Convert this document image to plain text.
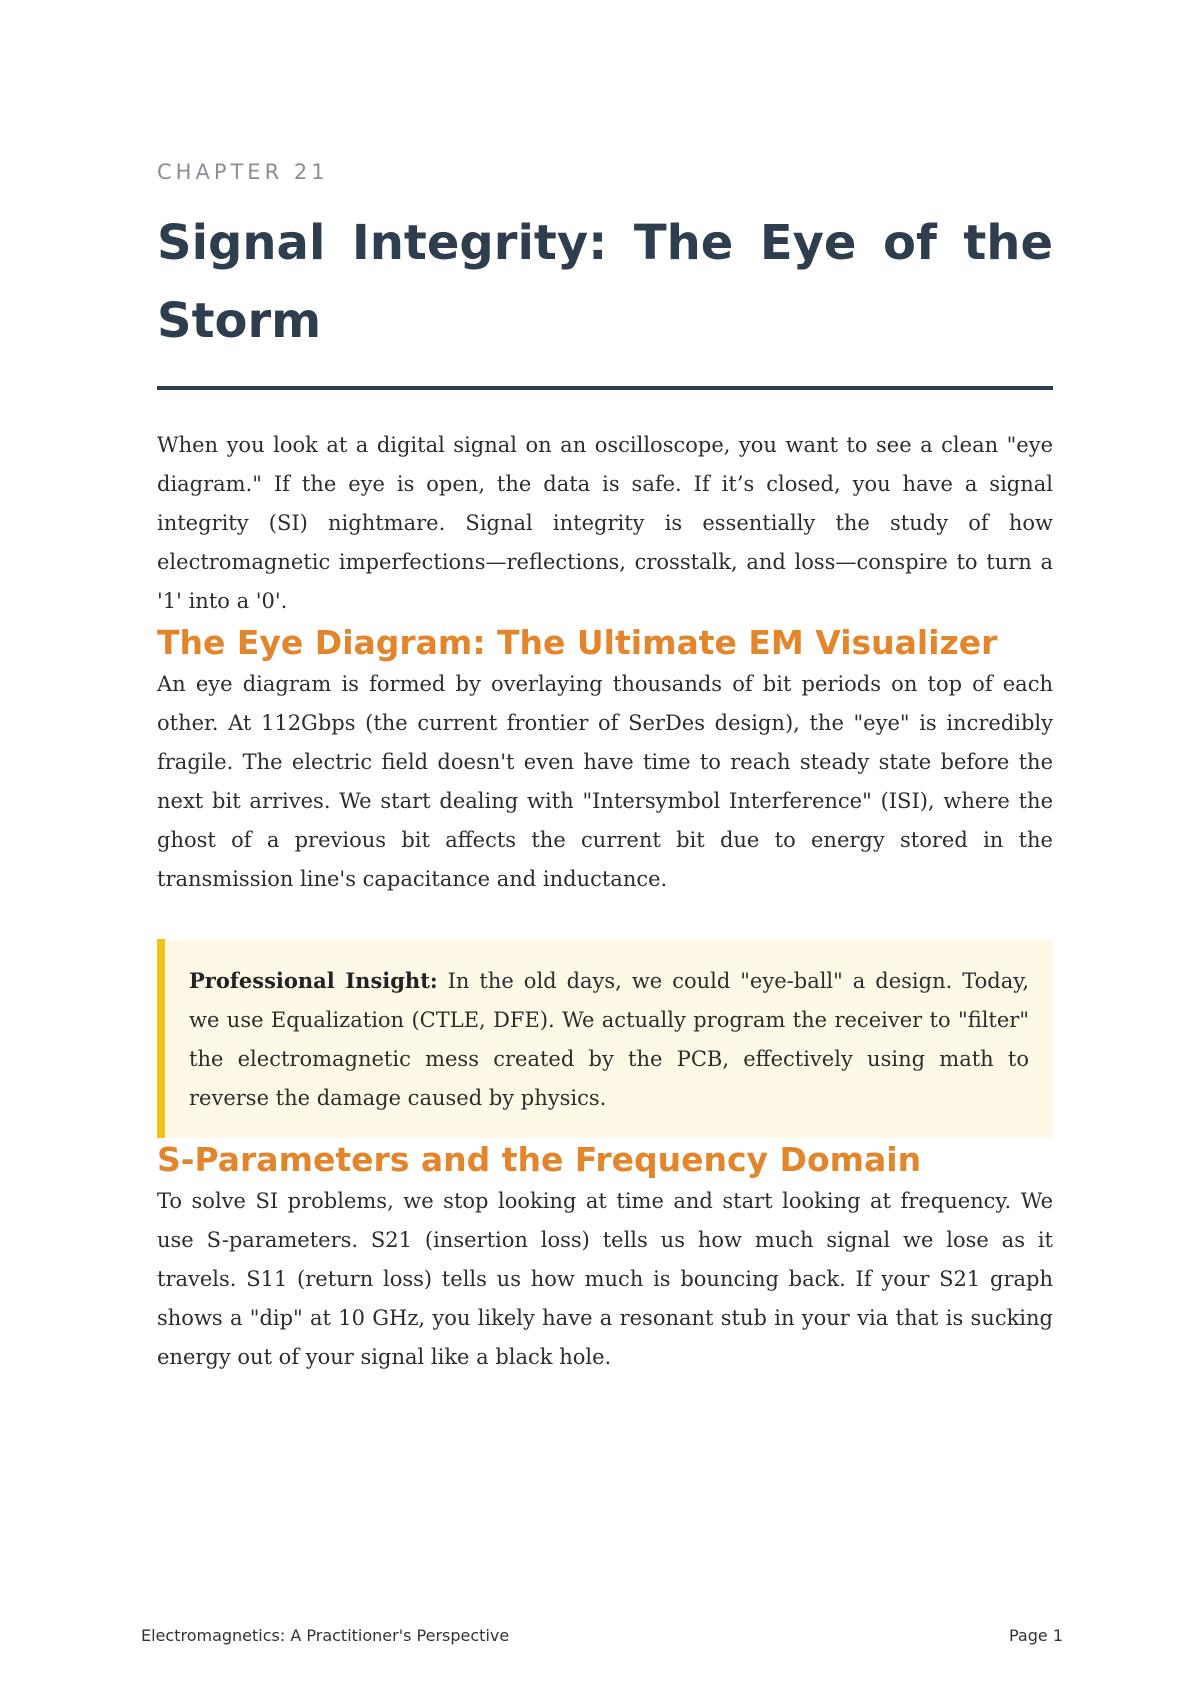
CHAPTER 21
Signal Integrity: The Eye of the Storm

When you look at a digital signal on an oscilloscope, you want to see a clean "eye diagram." If the eye is open, the data is safe. If it’s closed, you have a signal integrity (SI) nightmare. Signal integrity is essentially the study of how electromagnetic imperfections—reflections, crosstalk, and loss—conspire to turn a '1' into a '0'.

The Eye Diagram: The Ultimate EM Visualizer

An eye diagram is formed by overlaying thousands of bit periods on top of each other. At 112Gbps (the current frontier of SerDes design), the "eye" is incredibly fragile. The electric field doesn't even have time to reach steady state before the next bit arrives. We start dealing with "Intersymbol Interference" (ISI), where the ghost of a previous bit affects the current bit due to energy stored in the transmission line's capacitance and inductance.

Professional Insight: In the old days, we could "eye-ball" a design. Today, we use Equalization (CTLE, DFE). We actually program the receiver to "filter" the electromagnetic mess created by the PCB, effectively using math to reverse the damage caused by physics.

S-Parameters and the Frequency Domain

To solve SI problems, we stop looking at time and start looking at frequency. We use S-parameters. S21 (insertion loss) tells us how much signal we lose as it travels. S11 (return loss) tells us how much is bouncing back. If your S21 graph shows a "dip" at 10 GHz, you likely have a resonant stub in your via that is sucking energy out of your signal like a black hole.

Electromagnetics: A Practitioner's Perspective	Page 1
